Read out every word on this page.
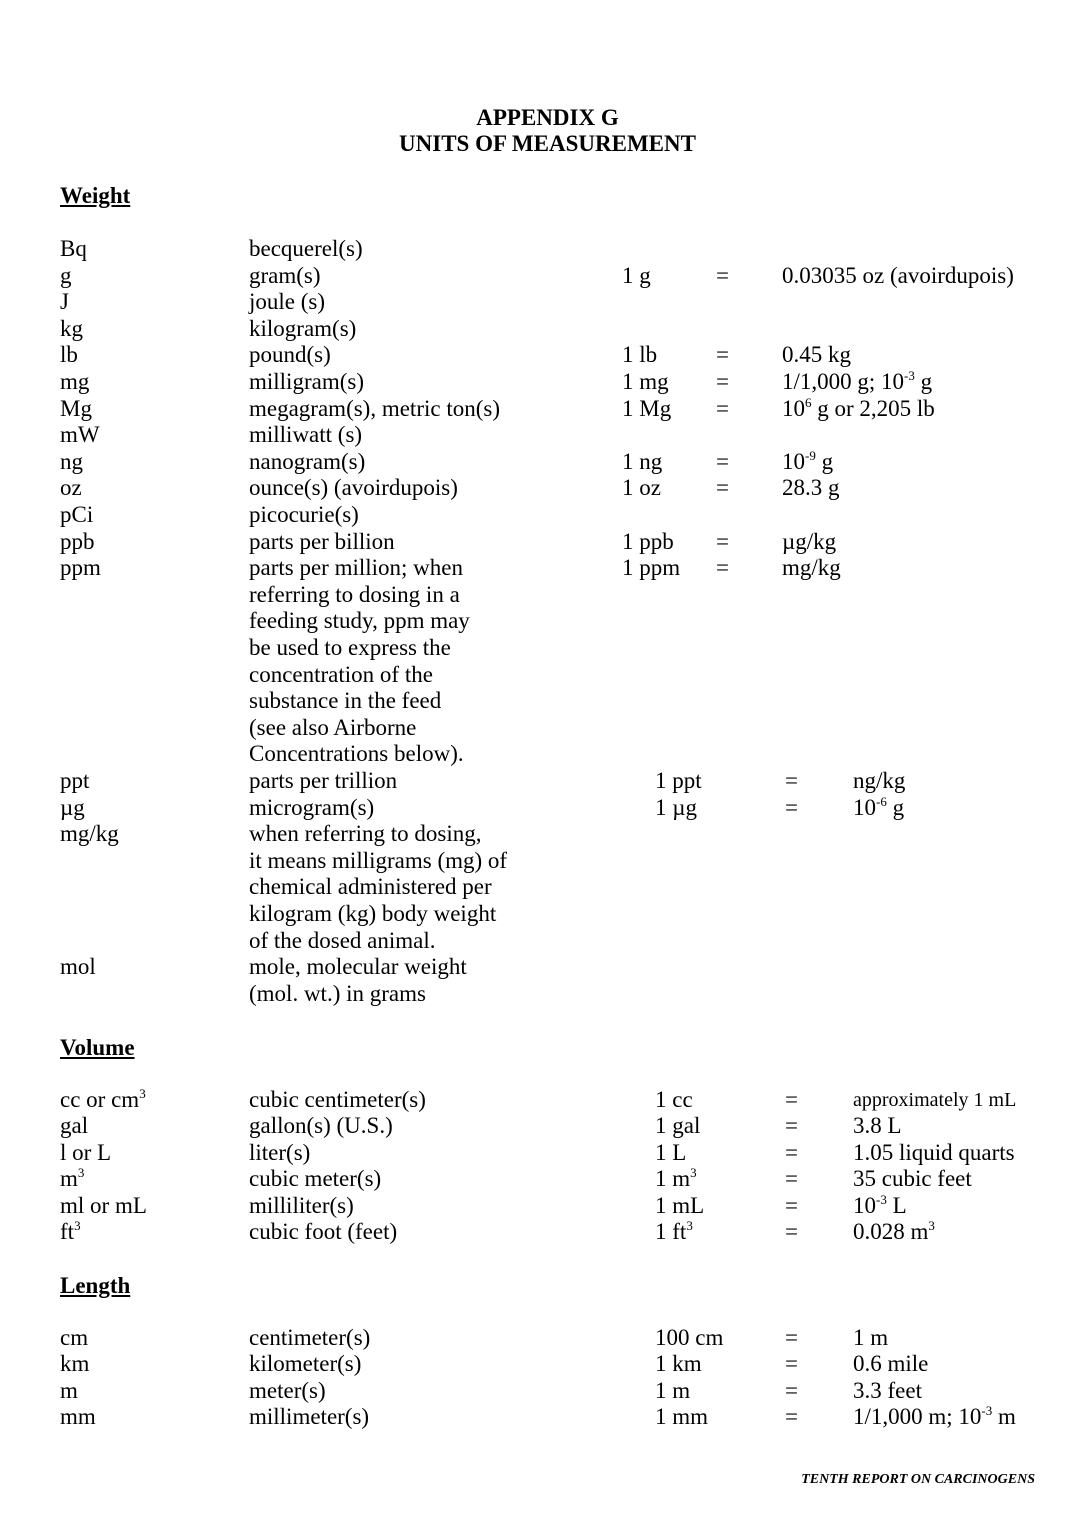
APPENDIX G
UNITS OF MEASUREMENT
Weight
Bq	becquerel(s)
g	gram(s)	1 g	= 0.03035 oz (avoirdupois)
J	joule (s)
kg	kilogram(s)
lb	pound(s)	1 lb	= 0.45 kg
mg	milligram(s)	1 mg = 1/1,000 g; $10^{-3}$ g
Mg	megagram(s), metric ton(s)	1 $Mg = 10^6$ g or 2,205 lb
mW	milliwatt (s)
ng	nanogram(s)	1 ng = $10^{-9}$ g
oz	ounce(s) (avoirdupois)	1 oz = 28.3 g
pCi	picocurie(s)
ppb	parts per billion	1 ppb = µg/kg
ppm	parts per million; when	1 ppm = mg/kg
referring to dosing in a
feeding study, ppm may
be used to express the
concentration of the
substance in the feed
(see also Airborne
Concentrations below).
ppt	parts per trillion	1 ppt	= ng/kg
µg	microgram(s)	1 µg	= $10^{-6}$ g
mg/kg	when referring to dosing,
it means milligrams (mg) of
chemical administered per
kilogram (kg) body weight
of the dosed animal.
mol	mole, molecular weight
(mol. wt.) in grams
Volume
cc or $cm^3$	cubic centimeter(s)	1 cc	=	approximately 1 mL
gal	gallon(s) (U.S.)	1 gal	= 3.8 L
l or L	liter(s)	1 L	= 1.05 liquid quarts
$m^3$	cubic meter(s)	1 $m^3$	= 35 cubic feet
ml or mL	milliliter(s)	1 mL	= $10^{-3}$ L
$ft^3$	cubic foot (feet)	1 $ft^3$	= 0.028 $m^3$
Length
cm	centimeter(s)	100 cm	= 1 m
km	kilometer(s)	1 km	= 0.6 mile
m	meter(s)	1 m	= 3.3 feet
mm	millimeter(s)	1 mm	= 1/1,000 m; $10^{-3}$ m
TENTH REPORT ON CARCINOGENS
